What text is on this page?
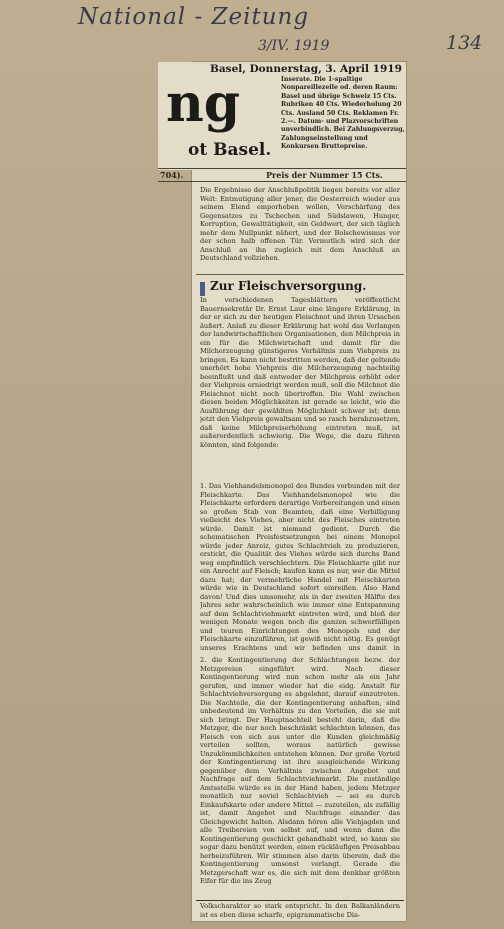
National - Zeitung
3/IV. 1919	134
ng
ot Basel.
Basel, Donnerstag, 3. April 1919
Inserate. Die 1-spaltige Nonpareillezeile od. deren Raum: Basel und übrige Schweiz 15 Cts. Rubriken 40 Cts. Wiederholung 20 Cts. Ausland 50 Cts. Reklamen Fr. 2.—. Datum- und Plazvorschriften unverbindlich. Bei Zahlungsverzug, Zahlungseinstellung und Konkursen Bruttopreise.
704).	Preis der Nummer 15 Cts.
Die Ergebnisse der Anschlußpolitik liegen bereits vor aller Welt: Entmutigung aller jener, die Oesterreich wieder aus seinem Elend emporheben wollen, Verschärfung des Gegensatzes zu Tschechen und Südslawen, Hunger, Korruption, Gewalttätigkeit, ein Geldwert, der sich täglich mehr dem Nullpunkt nähert, und der Bolschewismus vor der schon halb offenen Tür. Vermutlich wird sich der Anschluß an ihn zugleich mit dem Anschluß an Deutschland vollziehen.
Zur Fleischversorgung.
In verschiedenen Tagesblättern veröffentlicht Bauernsekretär Dr. Ernst Laur eine längere Erklärung, in der er sich zu der heutigen Fleischnot und ihren Ursachen äußert. Anlaß zu dieser Erklärung hat wohl das Verlangen der landwirtschaftlichen Organisationen, den Milchpreis in ein für die Milchwirtschaft und damit für die Milcherzeugung günstigeres Verhältnis zum Viehpreis zu bringen. Es kann nicht bestritten werden, daß der geltende unerhört hohe Viehpreis die Milcherzeugung nachteilig beeinflußt und daß entweder der Milchpreis erhöht oder der Viehpreis erniedrigt werden muß, soll die Milchnot die Fleischnot nicht noch übertreffen. Die Wahl zwischen diesen beiden Möglichkeiten ist gerade so leicht, wie die Ausführung der gewählten Möglichkeit schwer ist; denn jetzt den Viehpreis gewaltsam und so rasch herabzusetzen, daß keine Milchpreiserhöhung eintreten muß, ist außerordentlich schwierig. Die Wege, die dazu führen könnten, sind folgende:
1. Das Viehhandelsmonopol des Bundes verbunden mit der Fleischkarte. Das Viehhandelsmonopol wie die Fleischkarte erfordern derartige Vorbereitungen und einen so großen Stab von Beamten, daß eine Verbilligung vielleicht des Viehes, aber nicht des Fleisches eintreten würde. Damit ist niemand gedient. Durch die schematischen Preisfestsetzungen bei einem Monopol würde jeder Anreiz, gutes Schlachtvieh zu produzieren, erstickt, die Qualität des Viehes würde sich durchs Band weg empfindlich verschlechtern. Die Fleischkarte gibt nur ein Anrecht auf Fleisch; kaufen kann es nur, wer die Mittel dazu hat; der vermehrliche Handel mit Fleischkarten würde wie in Deutschland sofort einreißen. Also Hand davon! Und dies umsomehr, als in der zweiten Hälfte des Jahres sehr wahrscheinlich wie immer eine Entspannung auf dem Schlachtviehmarkt eintreten wird, und bloß der wenigen Monate wegen noch die ganzen schwerfälligen und teuren Einrichtungen des Monopols und der Fleischkarte einzuführen, ist gewiß nicht nötig. Es genügt unseres Erachtens und wir befinden uns damit in
2. die Kontingentierung der Schlachtungen bezw. der Metzgereien eingeführt wird. Nach dieser Kontingentierung wird nun schon mehr als ein Jahr gerufen, und immer wieder hat die eidg. Anstalt für Schlachtviehversorgung es abgelehnt, darauf einzutreten. Die Nachteile, die der Kontingentierung anhaften, sind unbedeutend im Verhältnis zu den Vorteilen, die sie mit sich bringt. Der Hauptnachteil besteht darin, daß die Metzger, die nur noch beschränkt schlachten können, das Fleisch von sich aus unter die Kunden gleichmäßig verteilen sollten, woraus natürlich gewisse Unzukömmlichkeiten entstehen können. Der große Vorteil der Kontingentierung ist ihre ausgleichende Wirkung gegenüber dem Verhältnis zwischen Angebot und Nachfrage auf dem Schlachtviehmarkt. Die zuständige Amtsstelle würde es in der Hand haben, jedem Metzger monatlich nur soviel Schlachtvieh — sei es durch Einkaufskarte oder andere Mittel — zuzuteilen, als zufällig ist, damit Angebot und Nachfrage einander das Gleichgewicht halten. Alsdann hören alle Viehjagden und alle Treibereien von selbst auf, und wenn dann die Kontingentierung geschickt gehandhabt wird, so kann sie sogar dazu benützt werden, einen rückläufigen Preisabbau herbeizuführen. Wir stimmen also darin überein, daß die Kontingentierung umsonst verlangt. Gerade die Metzgerschaft war es, die sich mit dem denkbar größten Eifer für die ins Zeug
Volkscharakter so stark entspricht. In den Balkanländern ist es eben diese scharfe, epigrammatische Dia-
